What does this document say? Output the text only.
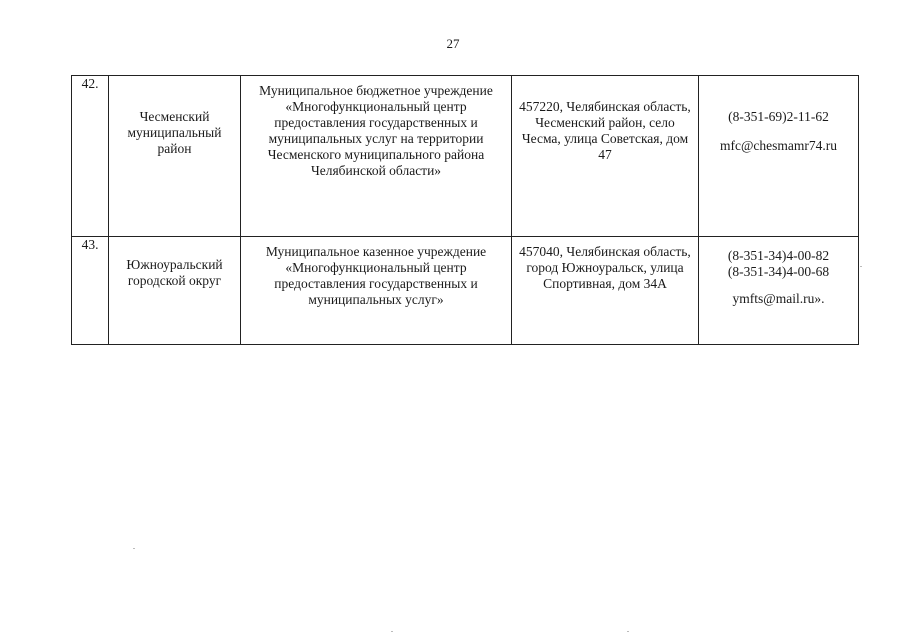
27
42.	Чесменский муниципальный район	Муниципальное бюджетное учреждение «Многофункциональный центр предоставления государственных и муниципальных услуг на территории Чесменского муниципального района Челябинской области»	457220, Челябинская область, Чесменский район, село Чесма, улица Советская, дом 47	(8-351-69)2-11-62
mfc@chesmamr74.ru

43.	Южноуральский городской округ	Муниципальное казенное учреждение «Многофункциональный центр предоставления государственных и муниципальных услуг»	457040, Челябинская область, город Южноуральск, улица Спортивная, дом 34А	(8-351-34)4-00-82
(8-351-34)4-00-68
ymfts@mail.ru».
